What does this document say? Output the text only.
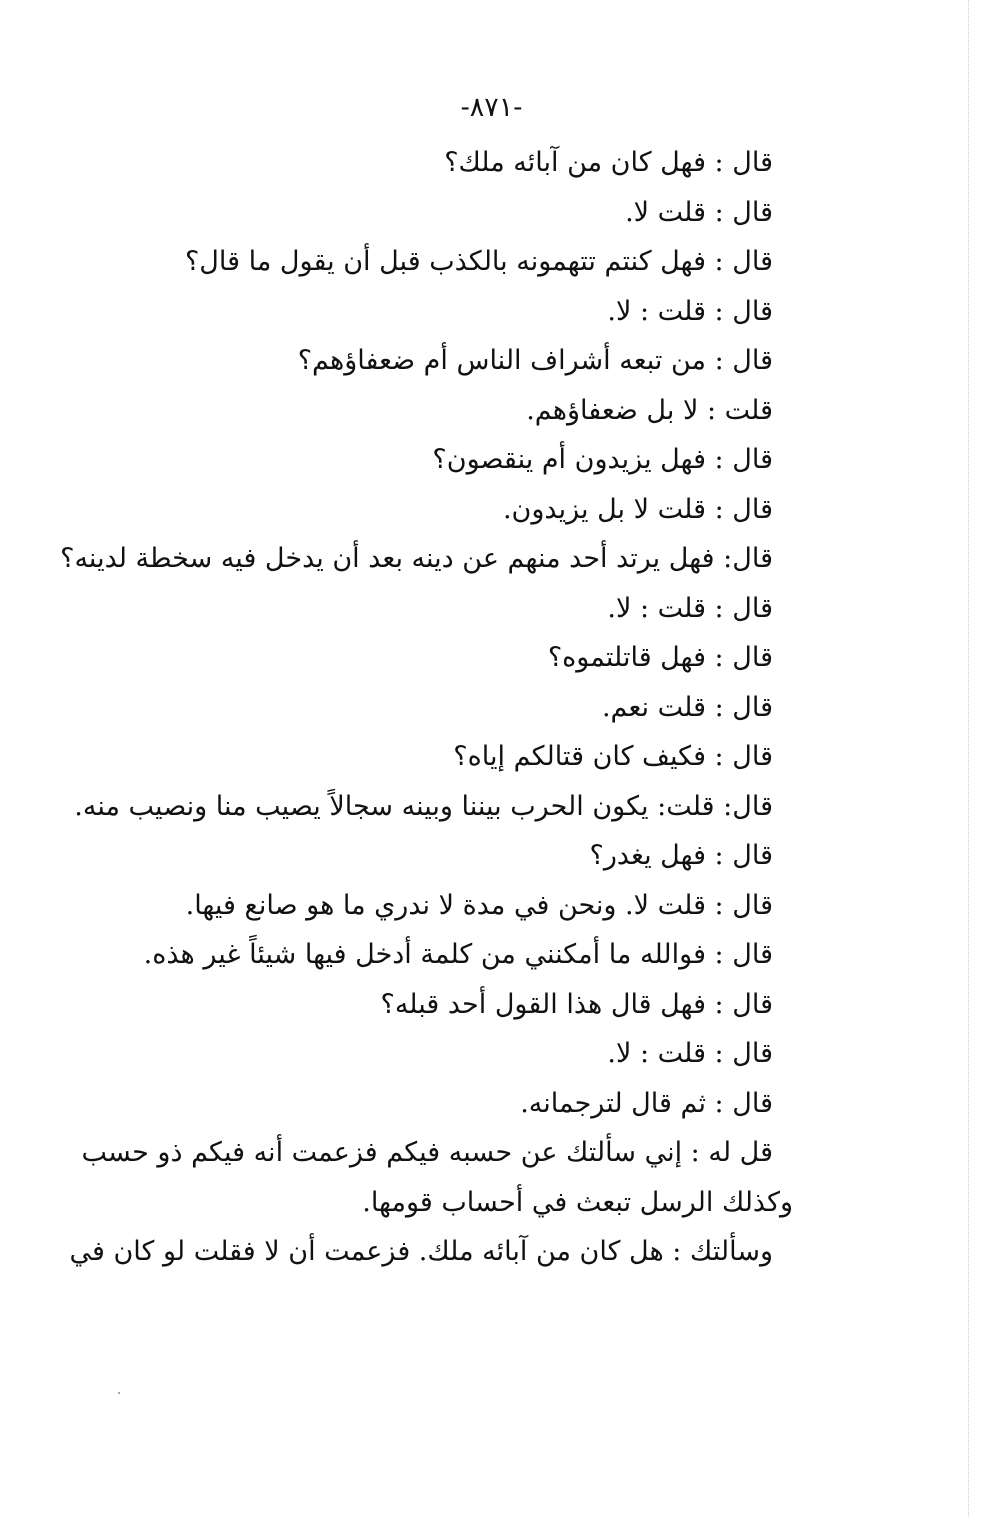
-٨٧١-
قال : فهل كان من آبائه ملك؟
قال : قلت لا.
قال : فهل كنتم تتهمونه بالكذب قبل أن يقول ما قال؟
قال : قلت : لا.
قال : من تبعه أشراف الناس أم ضعفاؤهم؟
قلت : لا بل ضعفاؤهم.
قال : فهل يزيدون أم ينقصون؟
قال : قلت لا بل يزيدون.
قال: فهل يرتد أحد منهم عن دينه بعد أن يدخل فيه سخطة لدينه؟
قال : قلت : لا.
قال : فهل قاتلتموه؟
قال : قلت نعم.
قال : فكيف كان قتالكم إياه؟
قال: قلت: يكون الحرب بيننا وبينه سجالاً يصيب منا ونصيب منه.
قال : فهل يغدر؟
قال : قلت لا. ونحن في مدة لا ندري ما هو صانع فيها.
قال : فوالله ما أمكنني من كلمة أدخل فيها شيئاً غير هذه.
قال : فهل قال هذا القول أحد قبله؟
قال : قلت : لا.
قال : ثم قال لترجمانه.
قل له : إني سألتك عن حسبه فيكم فزعمت أنه فيكم ذو حسب
وكذلك الرسل تبعث في أحساب قومها.
وسألتك : هل كان من آبائه ملك. فزعمت أن لا فقلت لو كان في
